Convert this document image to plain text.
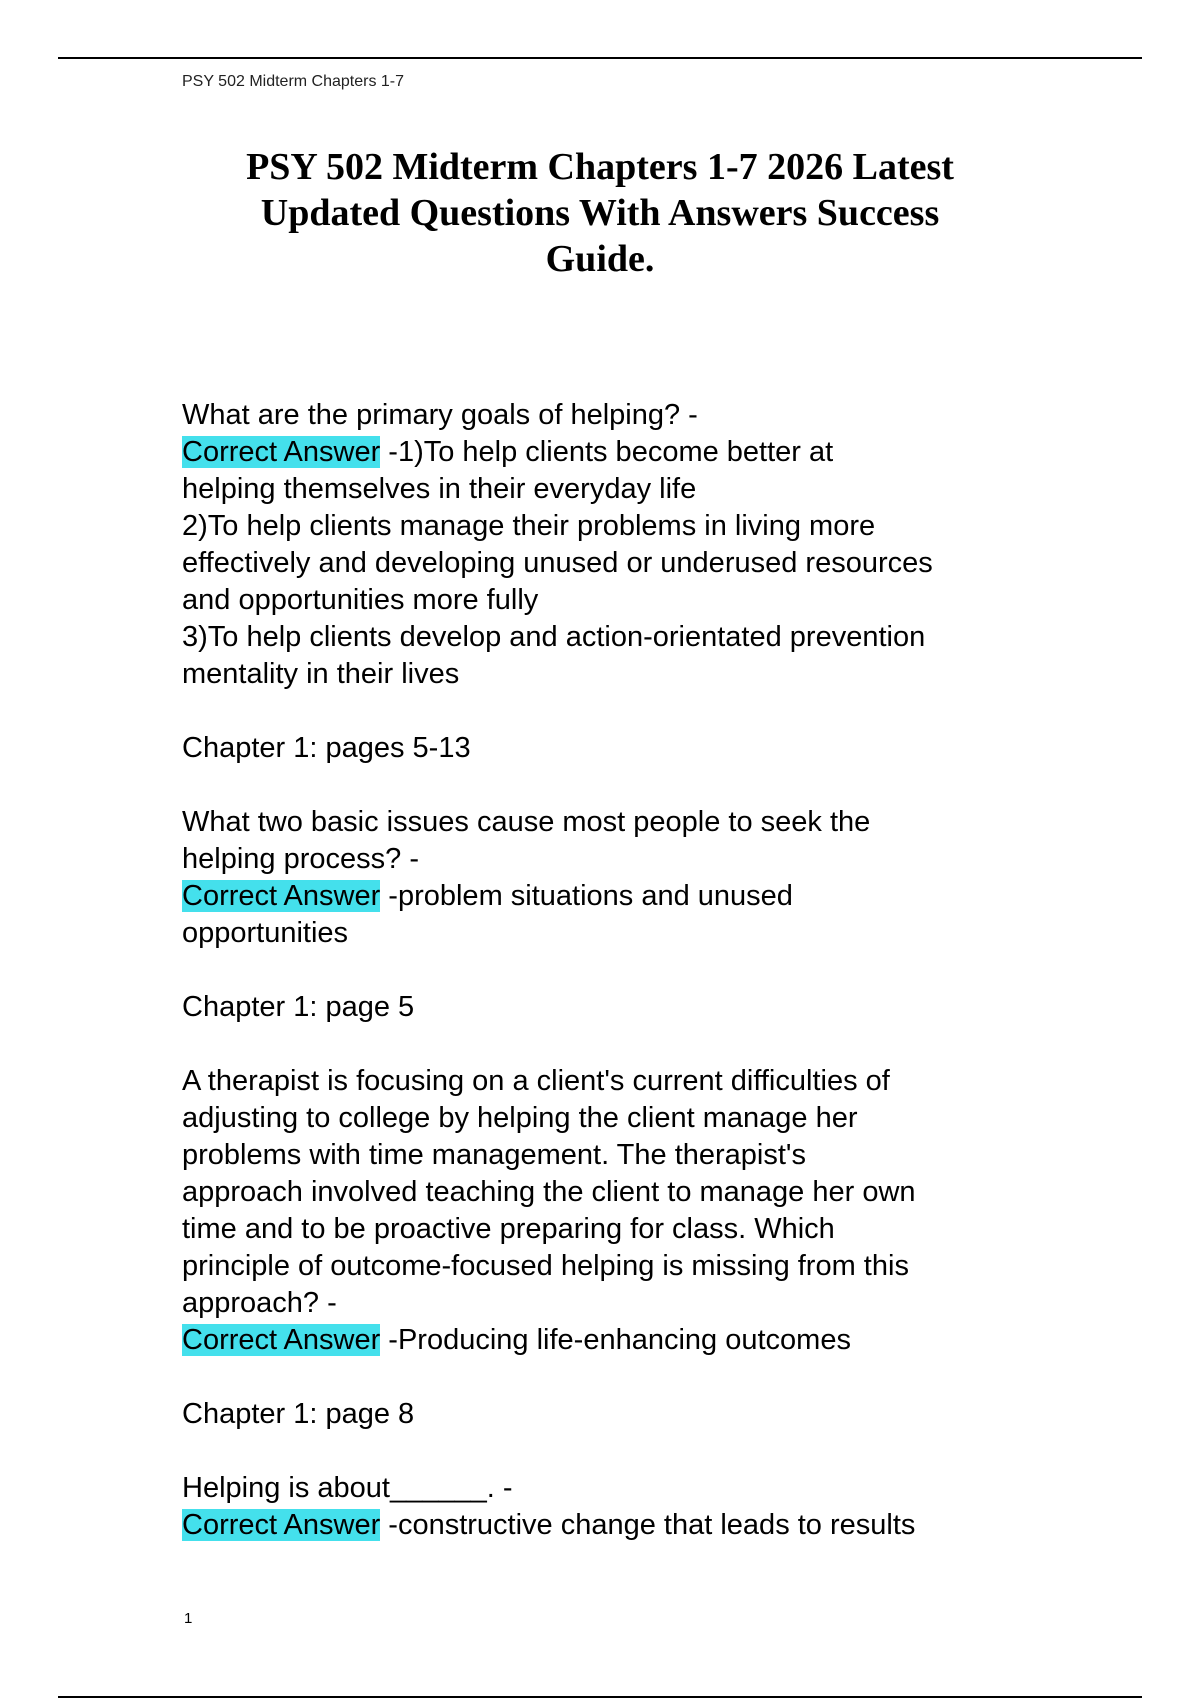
PSY 502 Midterm Chapters 1-7
PSY 502 Midterm Chapters 1-7 2026 Latest
Updated Questions With Answers Success
Guide.
What are the primary goals of helping? -
Correct Answer -1)To help clients become better at
helping themselves in their everyday life
2)To help clients manage their problems in living more
effectively and developing unused or underused resources
and opportunities more fully
3)To help clients develop and action-orientated prevention
mentality in their lives
Chapter 1: pages 5-13
What two basic issues cause most people to seek the
helping process? -
Correct Answer -problem situations and unused
opportunities
Chapter 1: page 5
A therapist is focusing on a client's current difficulties of
adjusting to college by helping the client manage her
problems with time management. The therapist's
approach involved teaching the client to manage her own
time and to be proactive preparing for class. Which
principle of outcome-focused helping is missing from this
approach? -
Correct Answer -Producing life-enhancing outcomes
Chapter 1: page 8
Helping is about______. -
Correct Answer -constructive change that leads to results
1
